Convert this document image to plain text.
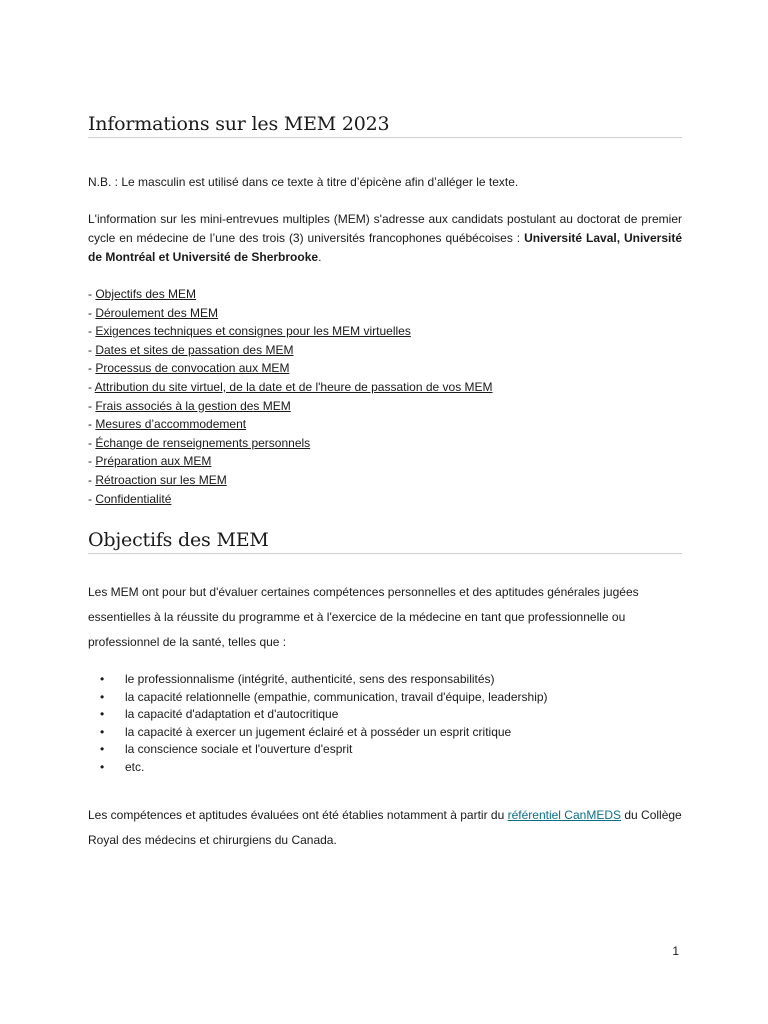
Informations sur les MEM 2023

N.B. : Le masculin est utilisé dans ce texte à titre d’épicène afin d’alléger le texte.

L'information sur les mini-entrevues multiples (MEM) s'adresse aux candidats postulant au doctorat de premier cycle en médecine de l’une des trois (3) universités francophones québécoises : Université Laval, Université de Montréal et Université de Sherbrooke.

- Objectifs des MEM
- Déroulement des MEM
- Exigences techniques et consignes pour les MEM virtuelles
- Dates et sites de passation des MEM
- Processus de convocation aux MEM
- Attribution du site virtuel, de la date et de l'heure de passation de vos MEM
- Frais associés à la gestion des MEM
- Mesures d’accommodement
- Échange de renseignements personnels
- Préparation aux MEM
- Rétroaction sur les MEM
- Confidentialité
Objectifs des MEM

Les MEM ont pour but d'évaluer certaines compétences personnelles et des aptitudes générales jugées essentielles à la réussite du programme et à l'exercice de la médecine en tant que professionnelle ou professionnel de la santé, telles que :

• le professionnalisme (intégrité, authenticité, sens des responsabilités)
• la capacité relationnelle (empathie, communication, travail d'équipe, leadership)
• la capacité d'adaptation et d'autocritique
• la capacité à exercer un jugement éclairé et à posséder un esprit critique
• la conscience sociale et l'ouverture d'esprit
• etc.

Les compétences et aptitudes évaluées ont été établies notamment à partir du référentiel CanMEDS du Collège Royal des médecins et chirurgiens du Canada.

1
